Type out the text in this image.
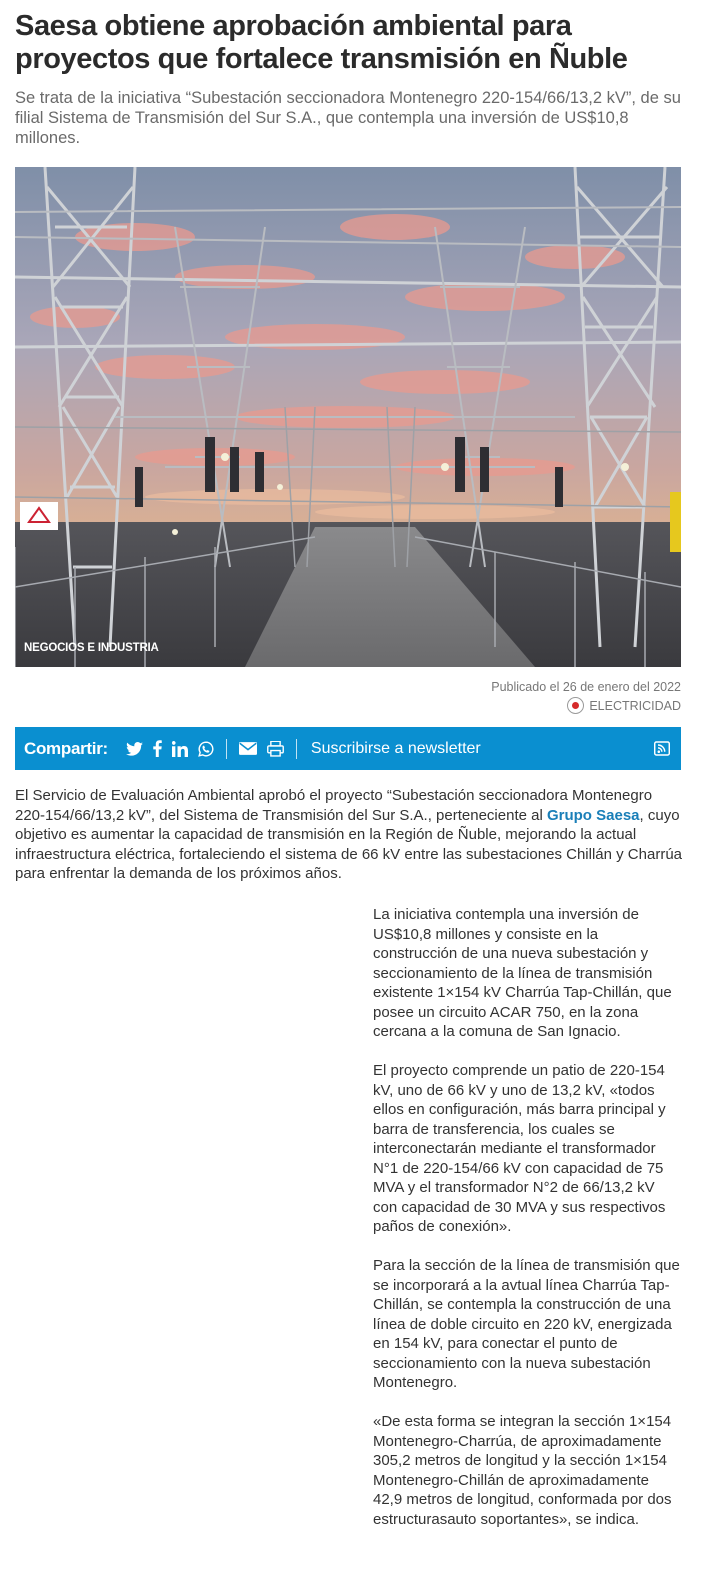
Saesa obtiene aprobación ambiental para proyectos que fortalece transmisión en Ñuble

Se trata de la iniciativa “Subestación seccionadora Montenegro 220-154/66/13,2 kV”, de su filial Sistema de Transmisión del Sur S.A., que contempla una inversión de US$10,8 millones.

NEGOCIOS E INDUSTRIA
Publicado el 26 de enero del 2022
ELECTRICIDAD
Compartir:	Suscribirse a newsletter

El Servicio de Evaluación Ambiental aprobó el proyecto “Subestación seccionadora Montenegro 220-154/66/13,2 kV”, del Sistema de Transmisión del Sur S.A., perteneciente al Grupo Saesa, cuyo objetivo es aumentar la capacidad de transmisión en la Región de Ñuble, mejorando la actual infraestructura eléctrica, fortaleciendo el sistema de 66 kV entre las subestaciones Chillán y Charrúa para enfrentar la demanda de los próximos años.

La iniciativa contempla una inversión de US$10,8 millones y consiste en la construcción de una nueva subestación y seccionamiento de la línea de transmisión existente 1×154 kV Charrúa Tap-Chillán, que posee un circuito ACAR 750, en la zona cercana a la comuna de San Ignacio.

El proyecto comprende un patio de 220-154 kV, uno de 66 kV y uno de 13,2 kV, «todos ellos en configuración, más barra principal y barra de transferencia, los cuales se interconectarán mediante el transformador N°1 de 220-154/66 kV con capacidad de 75 MVA y el transformador N°2 de 66/13,2 kV con capacidad de 30 MVA y sus respectivos paños de conexión».

Para la sección de la línea de transmisión que se incorporará a la avtual línea Charrúa Tap-Chillán, se contempla la construcción de una línea de doble circuito en 220 kV, energizada en 154 kV, para conectar el punto de seccionamiento con la nueva subestación Montenegro.

«De esta forma se integran la sección 1×154 Montenegro-Charrúa, de aproximadamente 305,2 metros de longitud y la sección 1×154 Montenegro-Chillán de aproximadamente 42,9 metros de longitud, conformada por dos estructurasauto soportantes», se indica.
